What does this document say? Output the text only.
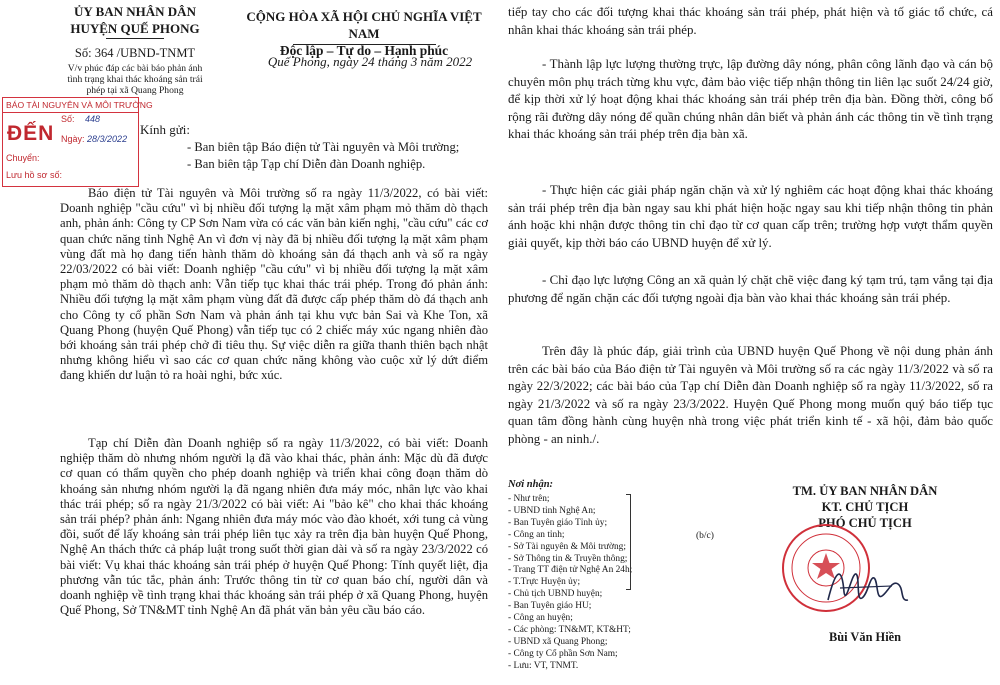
ỦY BAN NHÂN DÂN
HUYỆN QUẾ PHONG
Số: 364 /UBND-TNMT
V/v phúc đáp các bài báo phản ánh
tình trạng khai thác khoáng sản trái
phép tại xã Quang Phong
BÁO TÀI NGUYÊN VÀ MÔI TRƯỜNG
ĐẾN
Số: 448
Ngày: 28/3/2022
Chuyển:
Lưu hồ sơ số:
CỘNG HÒA XÃ HỘI CHỦ NGHĨA VIỆT NAM
Độc lập – Tự do – Hạnh phúc
Quế Phong, ngày 24 tháng 3 năm 2022
Kính gửi:
- Ban biên tập Báo điện tử Tài nguyên và Môi trường;
- Ban biên tập Tạp chí Diễn đàn Doanh nghiệp.
Báo điện tử Tài nguyên và Môi trường số ra ngày 11/3/2022, có bài viết: Doanh nghiệp "cầu cứu" vì bị nhiều đối tượng lạ mặt xâm phạm mỏ thăm dò thạch anh, phản ánh: Công ty CP Sơn Nam vừa có các văn bản kiến nghị, "cầu cứu" các cơ quan chức năng tỉnh Nghệ An vì đơn vị này đã bị nhiều đối tượng lạ mặt xâm phạm vùng đất mà họ đang tiến hành thăm dò khoáng sản đá thạch anh và số ra ngày 22/03/2022 có bài viết: Doanh nghiệp "cầu cứu" vì bị nhiều đối tượng lạ mặt xâm phạm mỏ thăm dò thạch anh: Vẫn tiếp tục khai thác trái phép. Trong đó phản ánh: Nhiều đối tượng lạ mặt xâm phạm vùng đất đã được cấp phép thăm dò đá thạch anh cho Công ty cổ phần Sơn Nam và phản ánh tại khu vực bản Sai và Khe Ton, xã Quang Phong (huyện Quế Phong) vẫn tiếp tục có 2 chiếc máy xúc ngang nhiên đào bới khoáng sản trái phép chở đi tiêu thụ. Sự việc diễn ra giữa thanh thiên bạch nhật nhưng không hiểu vì sao các cơ quan chức năng không vào cuộc xử lý dứt điểm đang khiến dư luận tỏ ra hoài nghi, bức xúc.
Tạp chí Diễn đàn Doanh nghiệp số ra ngày 11/3/2022, có bài viết: Doanh nghiệp thăm dò nhưng nhóm người lạ đã vào khai thác, phản ánh: Mặc dù đã được cơ quan có thẩm quyền cho phép doanh nghiệp và triển khai công đoạn thăm dò khoáng sản nhưng nhóm người lạ đã ngang nhiên đưa máy móc, nhân lực vào khai thác trái phép; số ra ngày 21/3/2022 có bài viết: Ai "bảo kê" cho khai thác khoáng sản trái phép? phản ánh: Ngang nhiên đưa máy móc vào đào khoét, xới tung cả vùng đồi, suốt để lấy khoáng sản trái phép liên tục xảy ra trên địa bàn huyện Quế Phong, Nghệ An thách thức cả pháp luật trong suốt thời gian dài và số ra ngày 23/3/2022 có bài viết: Vụ khai thác khoáng sản trái phép ở huyện Quế Phong: Tính quyết liệt, địa phương vẫn túc tắc, phản ánh: Trước thông tin từ cơ quan báo chí, người dân và doanh nghiệp về tình trạng khai thác khoáng sản trái phép ở xã Quang Phong, huyện Quế Phong, Sở TN&MT tỉnh Nghệ An đã phát văn bản yêu cầu báo cáo.
tiếp tay cho các đối tượng khai thác khoáng sản trái phép, phát hiện và tố giác tổ chức, cá nhân khai thác khoáng sản trái phép.
- Thành lập lực lượng thường trực, lập đường dây nóng, phân công lãnh đạo và cán bộ chuyên môn phụ trách từng khu vực, đảm bảo việc tiếp nhận thông tin liên lạc suốt 24/24 giờ, để kịp thời xử lý hoạt động khai thác khoáng sản trái phép trên địa bàn. Đồng thời, công bố rộng rãi đường dây nóng để quần chúng nhân dân biết và phản ánh các thông tin về tình trạng khai thác khoáng sản trái phép trên địa bàn xã.
- Thực hiện các giải pháp ngăn chặn và xử lý nghiêm các hoạt động khai thác khoáng sản trái phép trên địa bàn ngay sau khi phát hiện hoặc ngay sau khi tiếp nhận thông tin phản ánh hoặc khi nhận được thông tin chỉ đạo từ cơ quan cấp trên; trường hợp vượt thẩm quyền giải quyết, kịp thời báo cáo UBND huyện để xử lý.
- Chỉ đạo lực lượng Công an xã quản lý chặt chẽ việc đang ký tạm trú, tạm vắng tại địa phương để ngăn chặn các đối tượng ngoài địa bàn vào khai thác khoáng sản trái phép.
Trên đây là phúc đáp, giải trình của UBND huyện Quế Phong về nội dung phản ánh trên các bài báo của Báo điện tử Tài nguyên và Môi trường số ra các ngày 11/3/2022 và số ra ngày 22/3/2022; các bài báo của Tạp chí Diễn đàn Doanh nghiệp số ra ngày 11/3/2022, số ra ngày 21/3/2022 và số ra ngày 23/3/2022. Huyện Quế Phong mong muốn quý báo tiếp tục quan tâm đồng hành cùng huyện nhà trong việc phát triển kinh tế - xã hội, đảm bảo quốc phòng - an ninh./.
Nơi nhận:
- Như trên;
- UBND tỉnh Nghệ An;
- Ban Tuyên giáo Tỉnh ủy;
- Công an tỉnh;
- Sở Tài nguyên & Môi trường;
- Sở Thông tin & Truyền thông;
- Trang TT điện tử Nghệ An 24h;
- T.Trực Huyện ủy;
- Chủ tịch UBND huyện;
- Ban Tuyên giáo HU;
- Công an huyện;
- Các phòng: TN&MT, KT&HT;
- UBND xã Quang Phong;
- Công ty Cổ phần Sơn Nam;
- Lưu: VT, TNMT.
(b/c)
TM. ỦY BAN NHÂN DÂN
KT. CHỦ TỊCH
PHÓ CHỦ TỊCH
Bùi Văn Hiền
